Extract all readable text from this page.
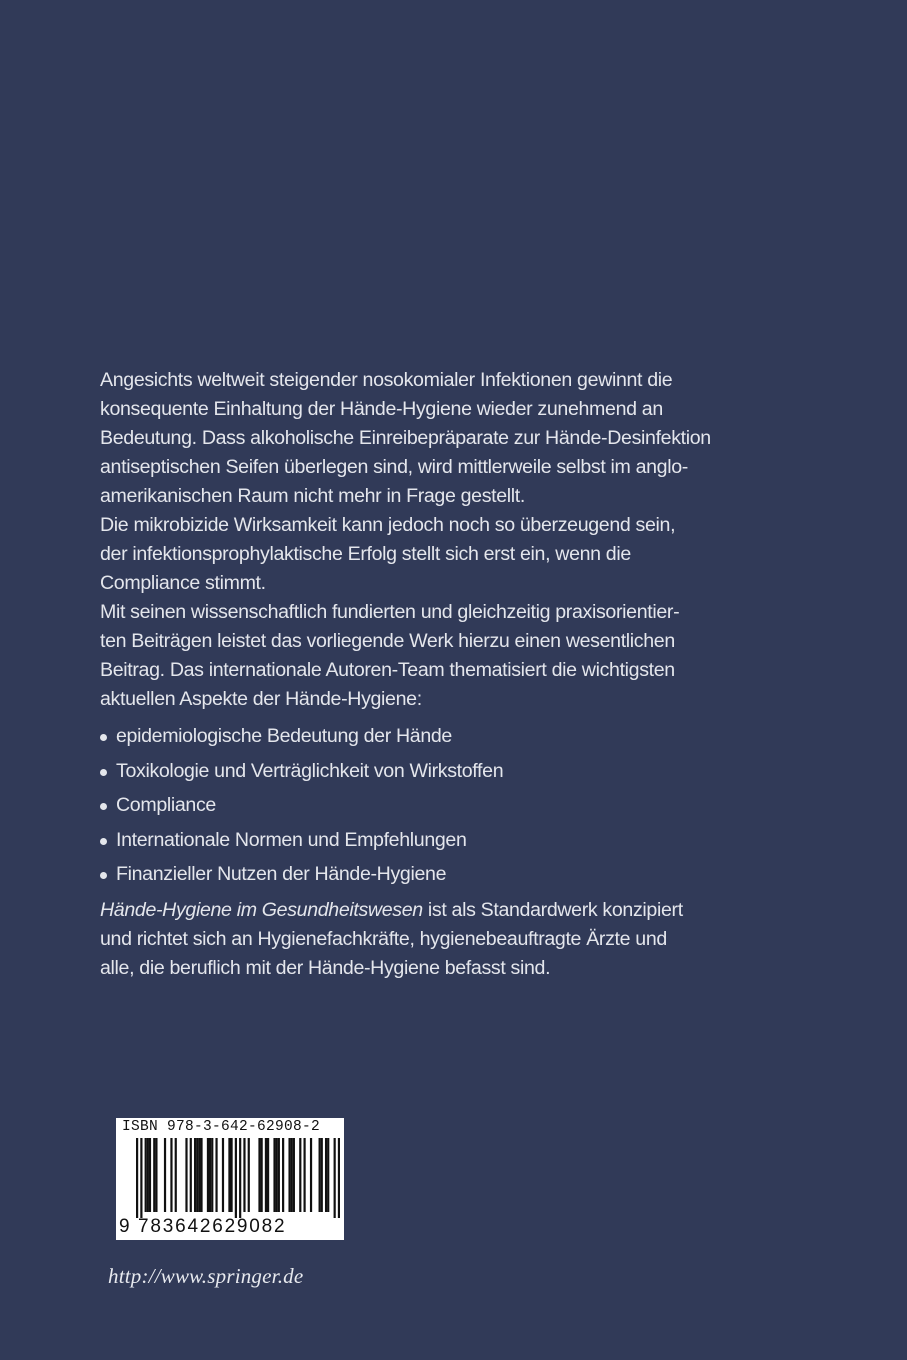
Angesichts weltweit steigender nosokomialer Infektionen gewinnt die
konsequente Einhaltung der Hände-Hygiene wieder zunehmend an
Bedeutung. Dass alkoholische Einreibepräparate zur Hände-Desinfektion
antiseptischen Seifen überlegen sind, wird mittlerweile selbst im anglo-
amerikanischen Raum nicht mehr in Frage gestellt.

Die mikrobizide Wirksamkeit kann jedoch noch so überzeugend sein,
der infektionsprophylaktische Erfolg stellt sich erst ein, wenn die
Compliance stimmt.

Mit seinen wissenschaftlich fundierten und gleichzeitig praxisorientier-
ten Beiträgen leistet das vorliegende Werk hierzu einen wesentlichen
Beitrag. Das internationale Autoren-Team thematisiert die wichtigsten
aktuellen Aspekte der Hände-Hygiene:

epidemiologische Bedeutung der Hände
Toxikologie und Verträglichkeit von Wirkstoffen
Compliance
Internationale Normen und Empfehlungen
Finanzieller Nutzen der Hände-Hygiene

Hände-Hygiene im Gesundheitswesen ist als Standardwerk konzipiert
und richtet sich an Hygienefachkräfte, hygienebeauftragte Ärzte und
alle, die beruflich mit der Hände-Hygiene befasst sind.

ISBN 978-3-642-62908-2
9 783642629082
http://www.springer.de
